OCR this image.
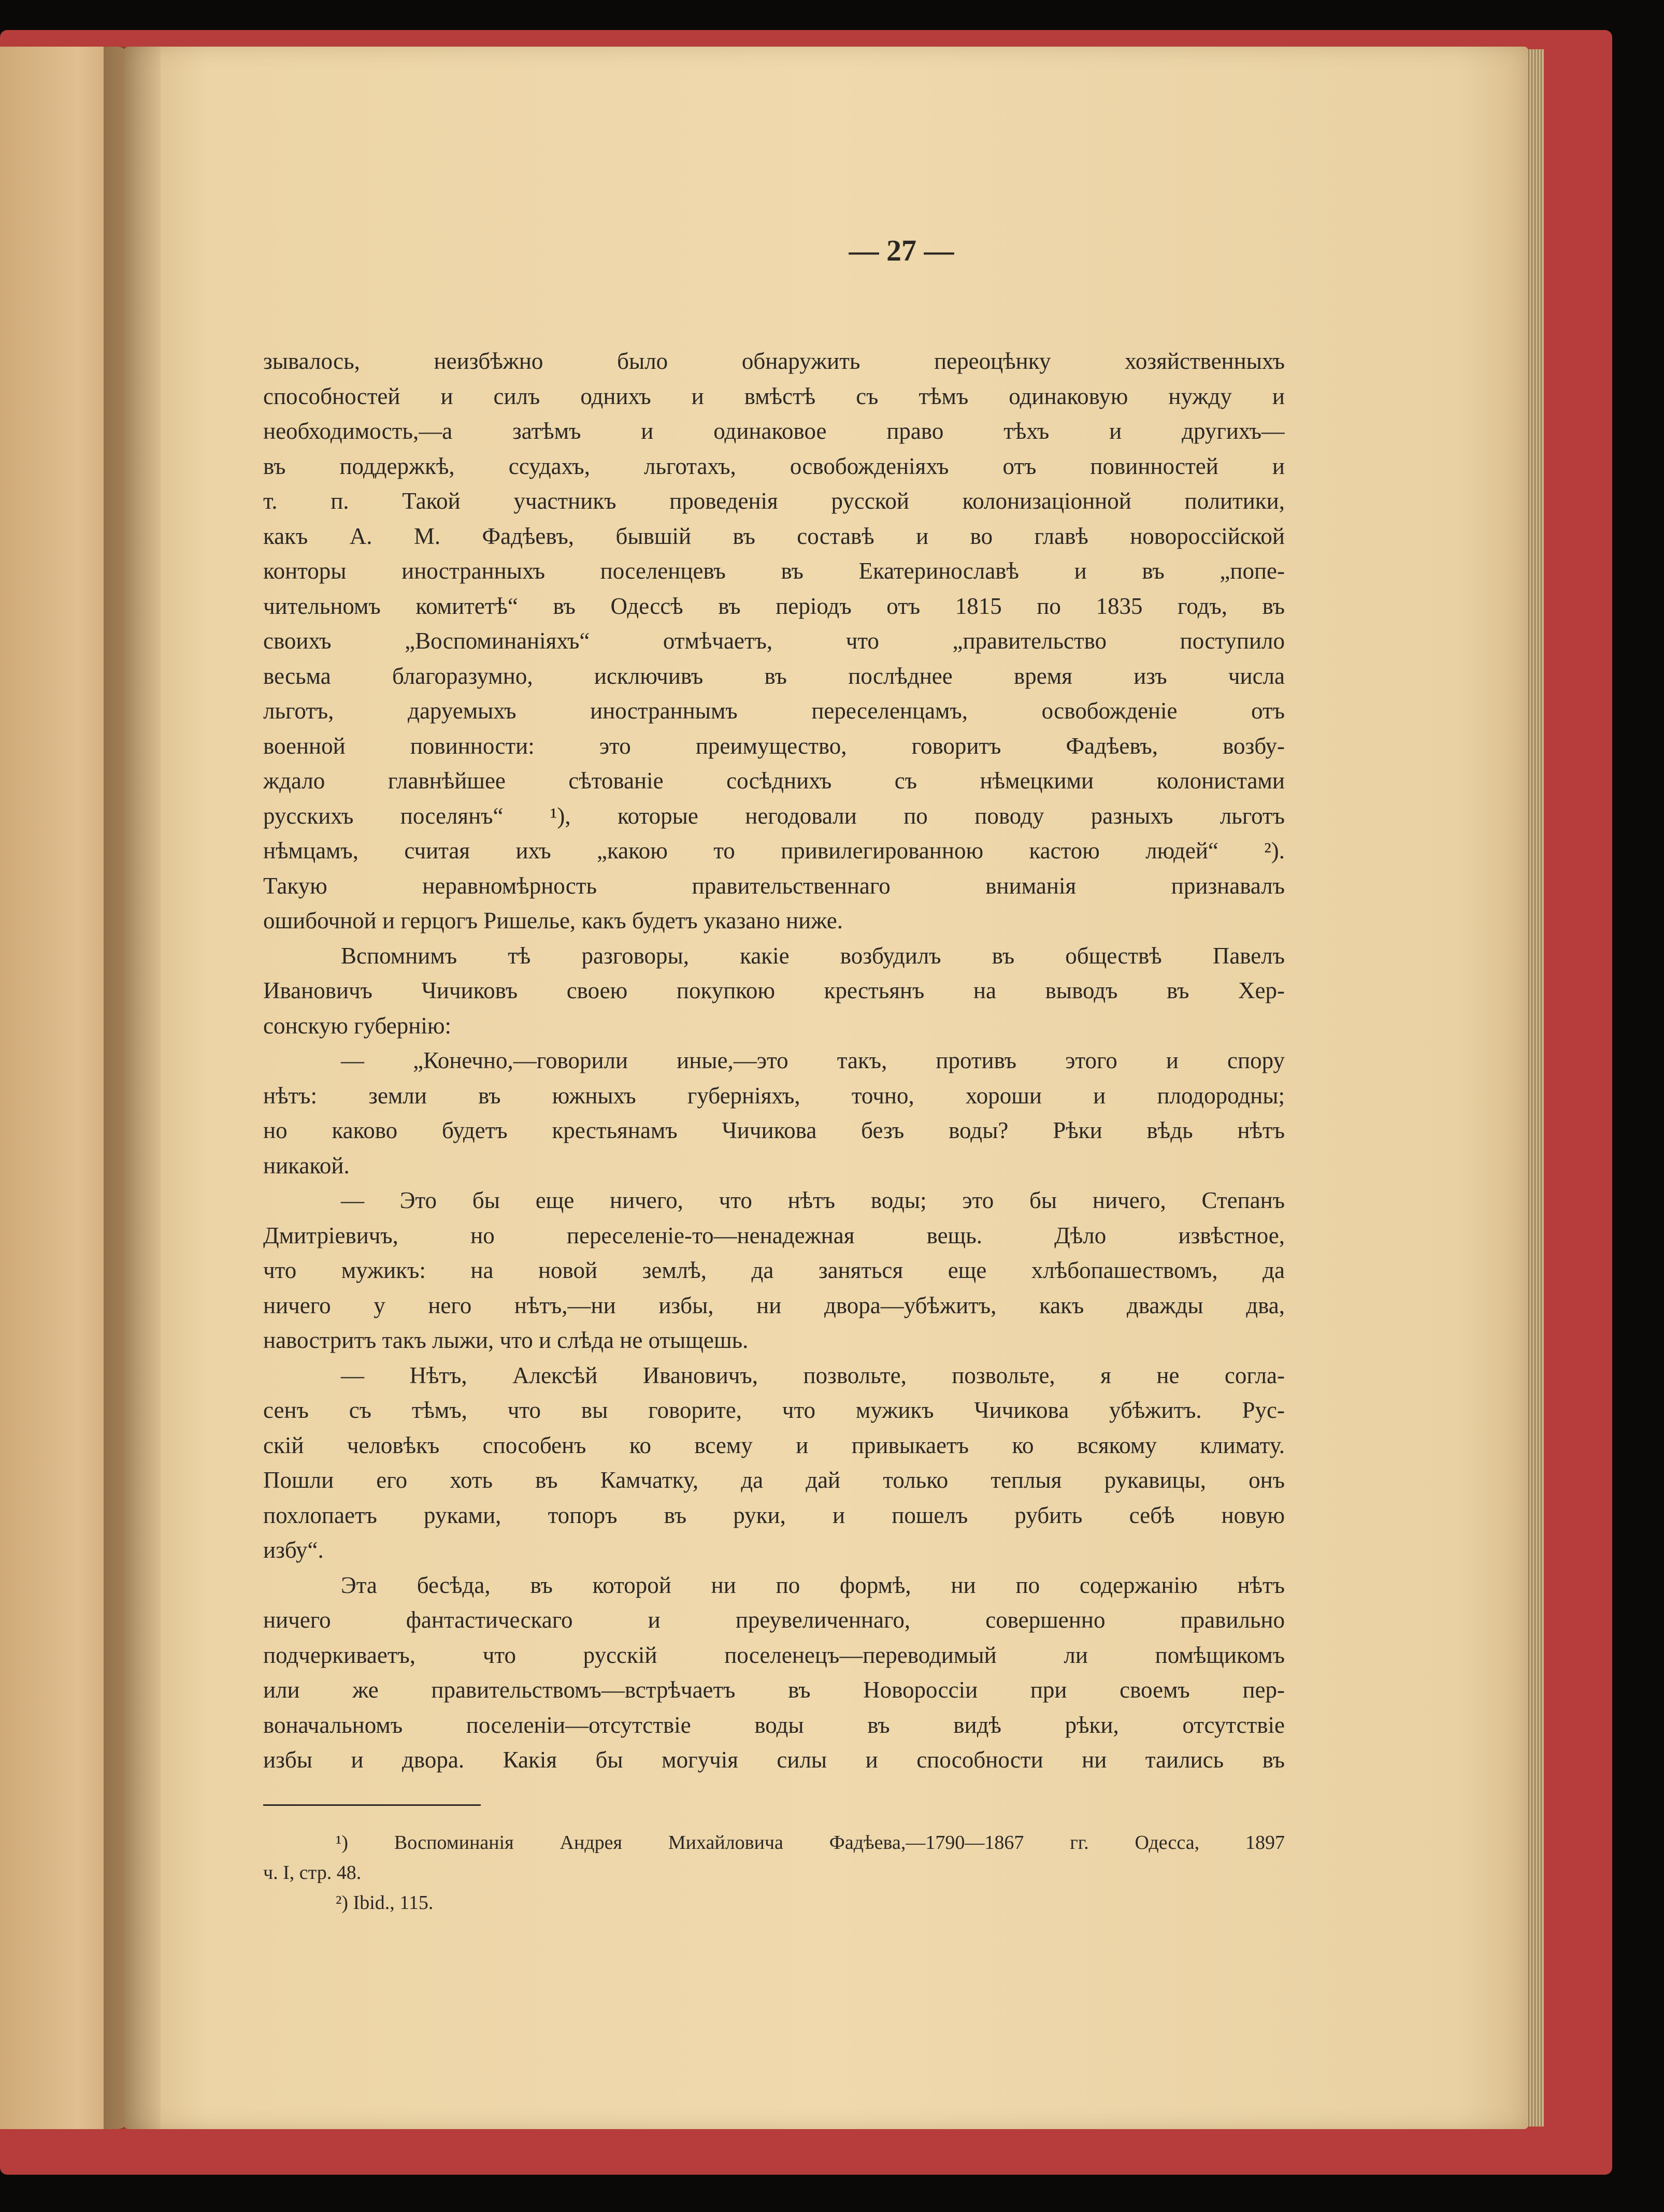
— 27 —
зывалось, неизбѣжно было обнаружить переоцѣнку хозяйственныхъ
способностей и силъ однихъ и вмѣстѣ съ тѣмъ одинаковую нужду и
необходимость,—а затѣмъ и одинаковое право тѣхъ и другихъ—
въ поддержкѣ, ссудахъ, льготахъ, освобожденіяхъ отъ повинностей и
т. п. Такой участникъ проведенія русской колонизаціонной политики,
какъ А. М. Фадѣевъ, бывшій въ составѣ и во главѣ новороссійской
конторы иностранныхъ поселенцевъ въ Екатеринославѣ и въ „попе-
чительномъ комитетѣ“ въ Одессѣ въ періодъ отъ 1815 по 1835 годъ, въ
своихъ „Воспоминаніяхъ“ отмѣчаетъ, что „правительство поступило
весьма благоразумно, исключивъ въ послѣднее время изъ числа
льготъ, даруемыхъ иностраннымъ переселенцамъ, освобожденіе отъ
военной повинности: это преимущество, говоритъ Фадѣевъ, возбу-
ждало главнѣйшее сѣтованіе сосѣднихъ съ нѣмецкими колонистами
русскихъ поселянъ“ ¹), которые негодовали по поводу разныхъ льготъ
нѣмцамъ, считая ихъ „какою то привилегированною кастою людей“ ²).
Такую неравномѣрность правительственнаго вниманія признавалъ
ошибочной и герцогъ Ришелье, какъ будетъ указано ниже.
Вспомнимъ тѣ разговоры, какіе возбудилъ въ обществѣ Павелъ
Ивановичъ Чичиковъ своею покупкою крестьянъ на выводъ въ Хер-
сонскую губернію:
— „Конечно,—говорили иные,—это такъ, противъ этого и спору
нѣтъ: земли въ южныхъ губерніяхъ, точно, хороши и плодородны;
но каково будетъ крестьянамъ Чичикова безъ воды? Рѣки вѣдь нѣтъ
никакой.
— Это бы еще ничего, что нѣтъ воды; это бы ничего, Степанъ
Дмитріевичъ, но переселеніе-то—ненадежная вещь. Дѣло извѣстное,
что мужикъ: на новой землѣ, да заняться еще хлѣбопашествомъ, да
ничего у него нѣтъ,—ни избы, ни двора—убѣжитъ, какъ дважды два,
навостритъ такъ лыжи, что и слѣда не отыщешь.
— Нѣтъ, Алексѣй Ивановичъ, позвольте, позвольте, я не согла-
сенъ съ тѣмъ, что вы говорите, что мужикъ Чичикова убѣжитъ. Рус-
скій человѣкъ способенъ ко всему и привыкаетъ ко всякому климату.
Пошли его хоть въ Камчатку, да дай только теплыя рукавицы, онъ
похлопаетъ руками, топоръ въ руки, и пошелъ рубить себѣ новую
избу“.
Эта бесѣда, въ которой ни по формѣ, ни по содержанію нѣтъ
ничего фантастическаго и преувеличеннаго, совершенно правильно
подчеркиваетъ, что русскій поселенецъ—переводимый ли помѣщикомъ
или же правительствомъ—встрѣчаетъ въ Новороссіи при своемъ пер-
воначальномъ поселеніи—отсутствіе воды въ видѣ рѣки, отсутствіе
избы и двора. Какія бы могучія силы и способности ни таились въ
¹) Воспоминанія Андрея Михайловича Фадѣева,—1790—1867 гг. Одесса, 1897
ч. I, стр. 48.
²) Ibid., 115.
